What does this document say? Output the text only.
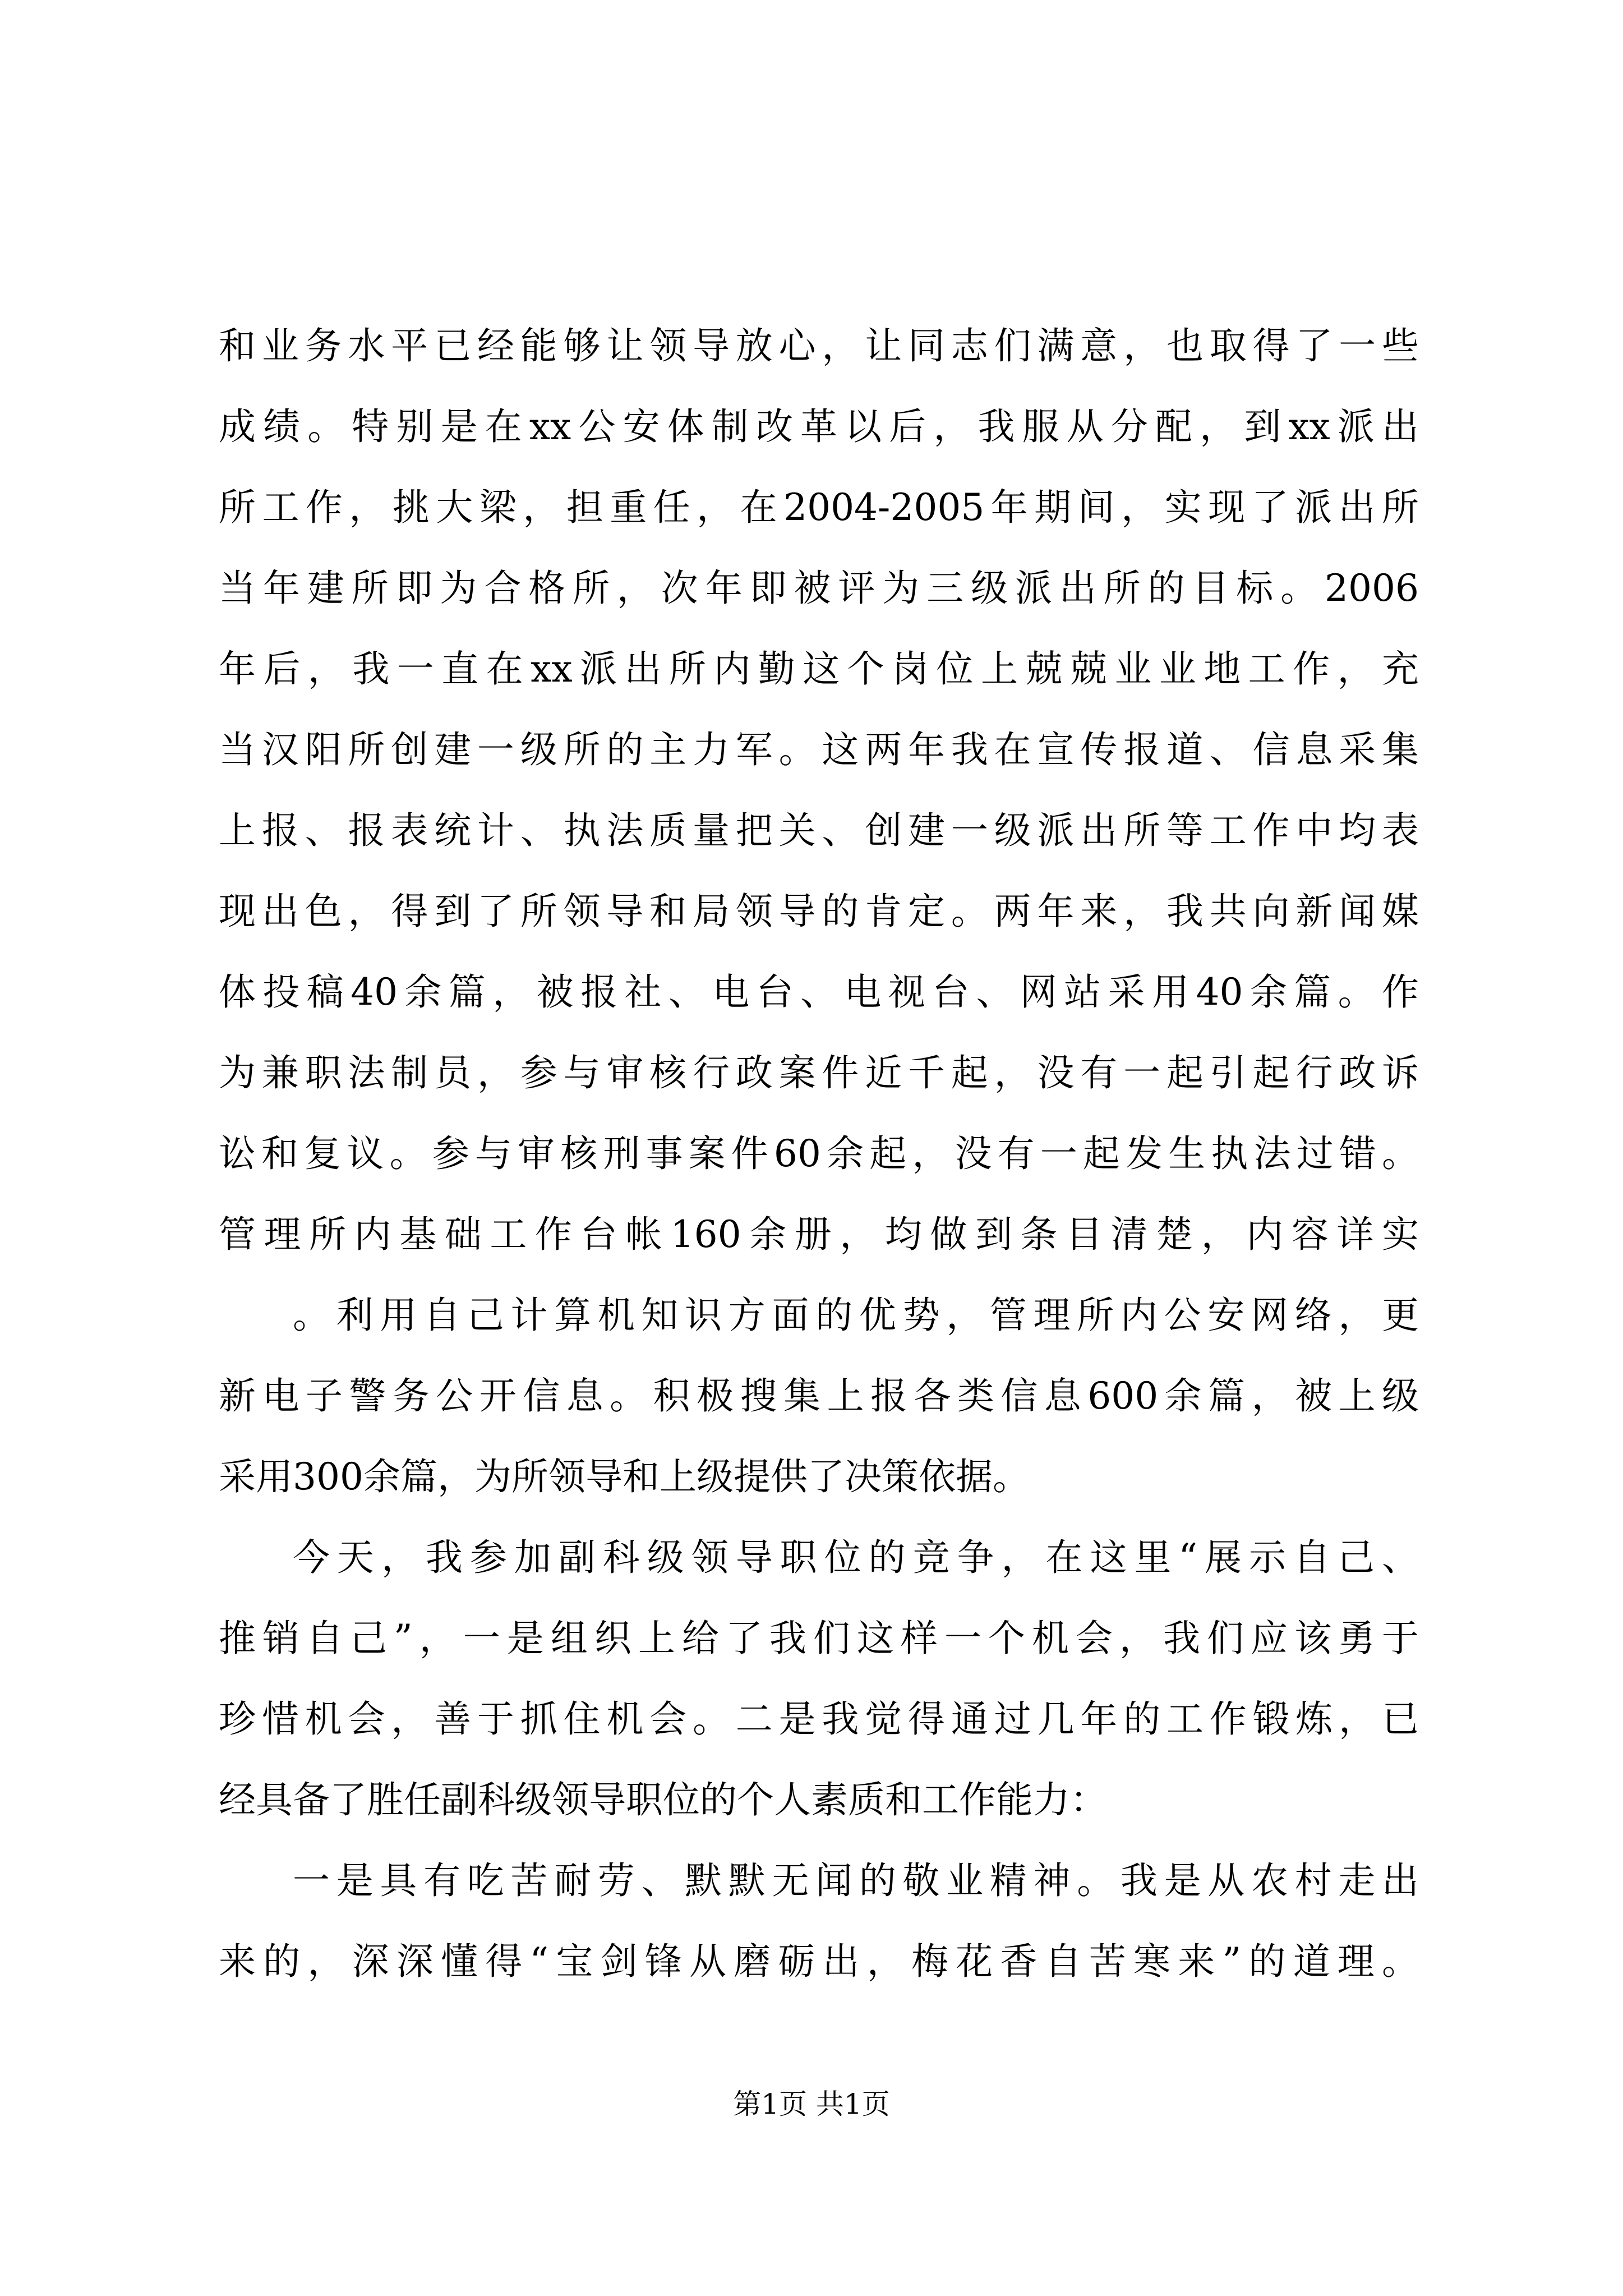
和业务水平已经能够让领导放心，让同志们满意，也取得了一些
成绩。特别是在xx公安体制改革以后，我服从分配，到xx派出
所工作，挑大梁，担重任，在2004-2005年期间，实现了派出所
当年建所即为合格所，次年即被评为三级派出所的目标。2006
年后，我一直在xx派出所内勤这个岗位上兢兢业业地工作，充
当汉阳所创建一级所的主力军。这两年我在宣传报道、信息采集
上报、报表统计、执法质量把关、创建一级派出所等工作中均表
现出色，得到了所领导和局领导的肯定。两年来，我共向新闻媒
体投稿40余篇，被报社、电台、电视台、网站采用40余篇。作
为兼职法制员，参与审核行政案件近千起，没有一起引起行政诉
讼和复议。参与审核刑事案件60余起，没有一起发生执法过错。
管理所内基础工作台帐160余册，均做到条目清楚，内容详实
。利用自己计算机知识方面的优势，管理所内公安网络，更
新电子警务公开信息。积极搜集上报各类信息600余篇，被上级
采用300余篇，为所领导和上级提供了决策依据。
今天，我参加副科级领导职位的竞争，在这里“展示自己、
推销自己”，一是组织上给了我们这样一个机会，我们应该勇于
珍惜机会，善于抓住机会。二是我觉得通过几年的工作锻炼，已
经具备了胜任副科级领导职位的个人素质和工作能力：
一是具有吃苦耐劳、默默无闻的敬业精神。我是从农村走出
来的，深深懂得“宝剑锋从磨砺出，梅花香自苦寒来”的道理。
第1页 共1页
